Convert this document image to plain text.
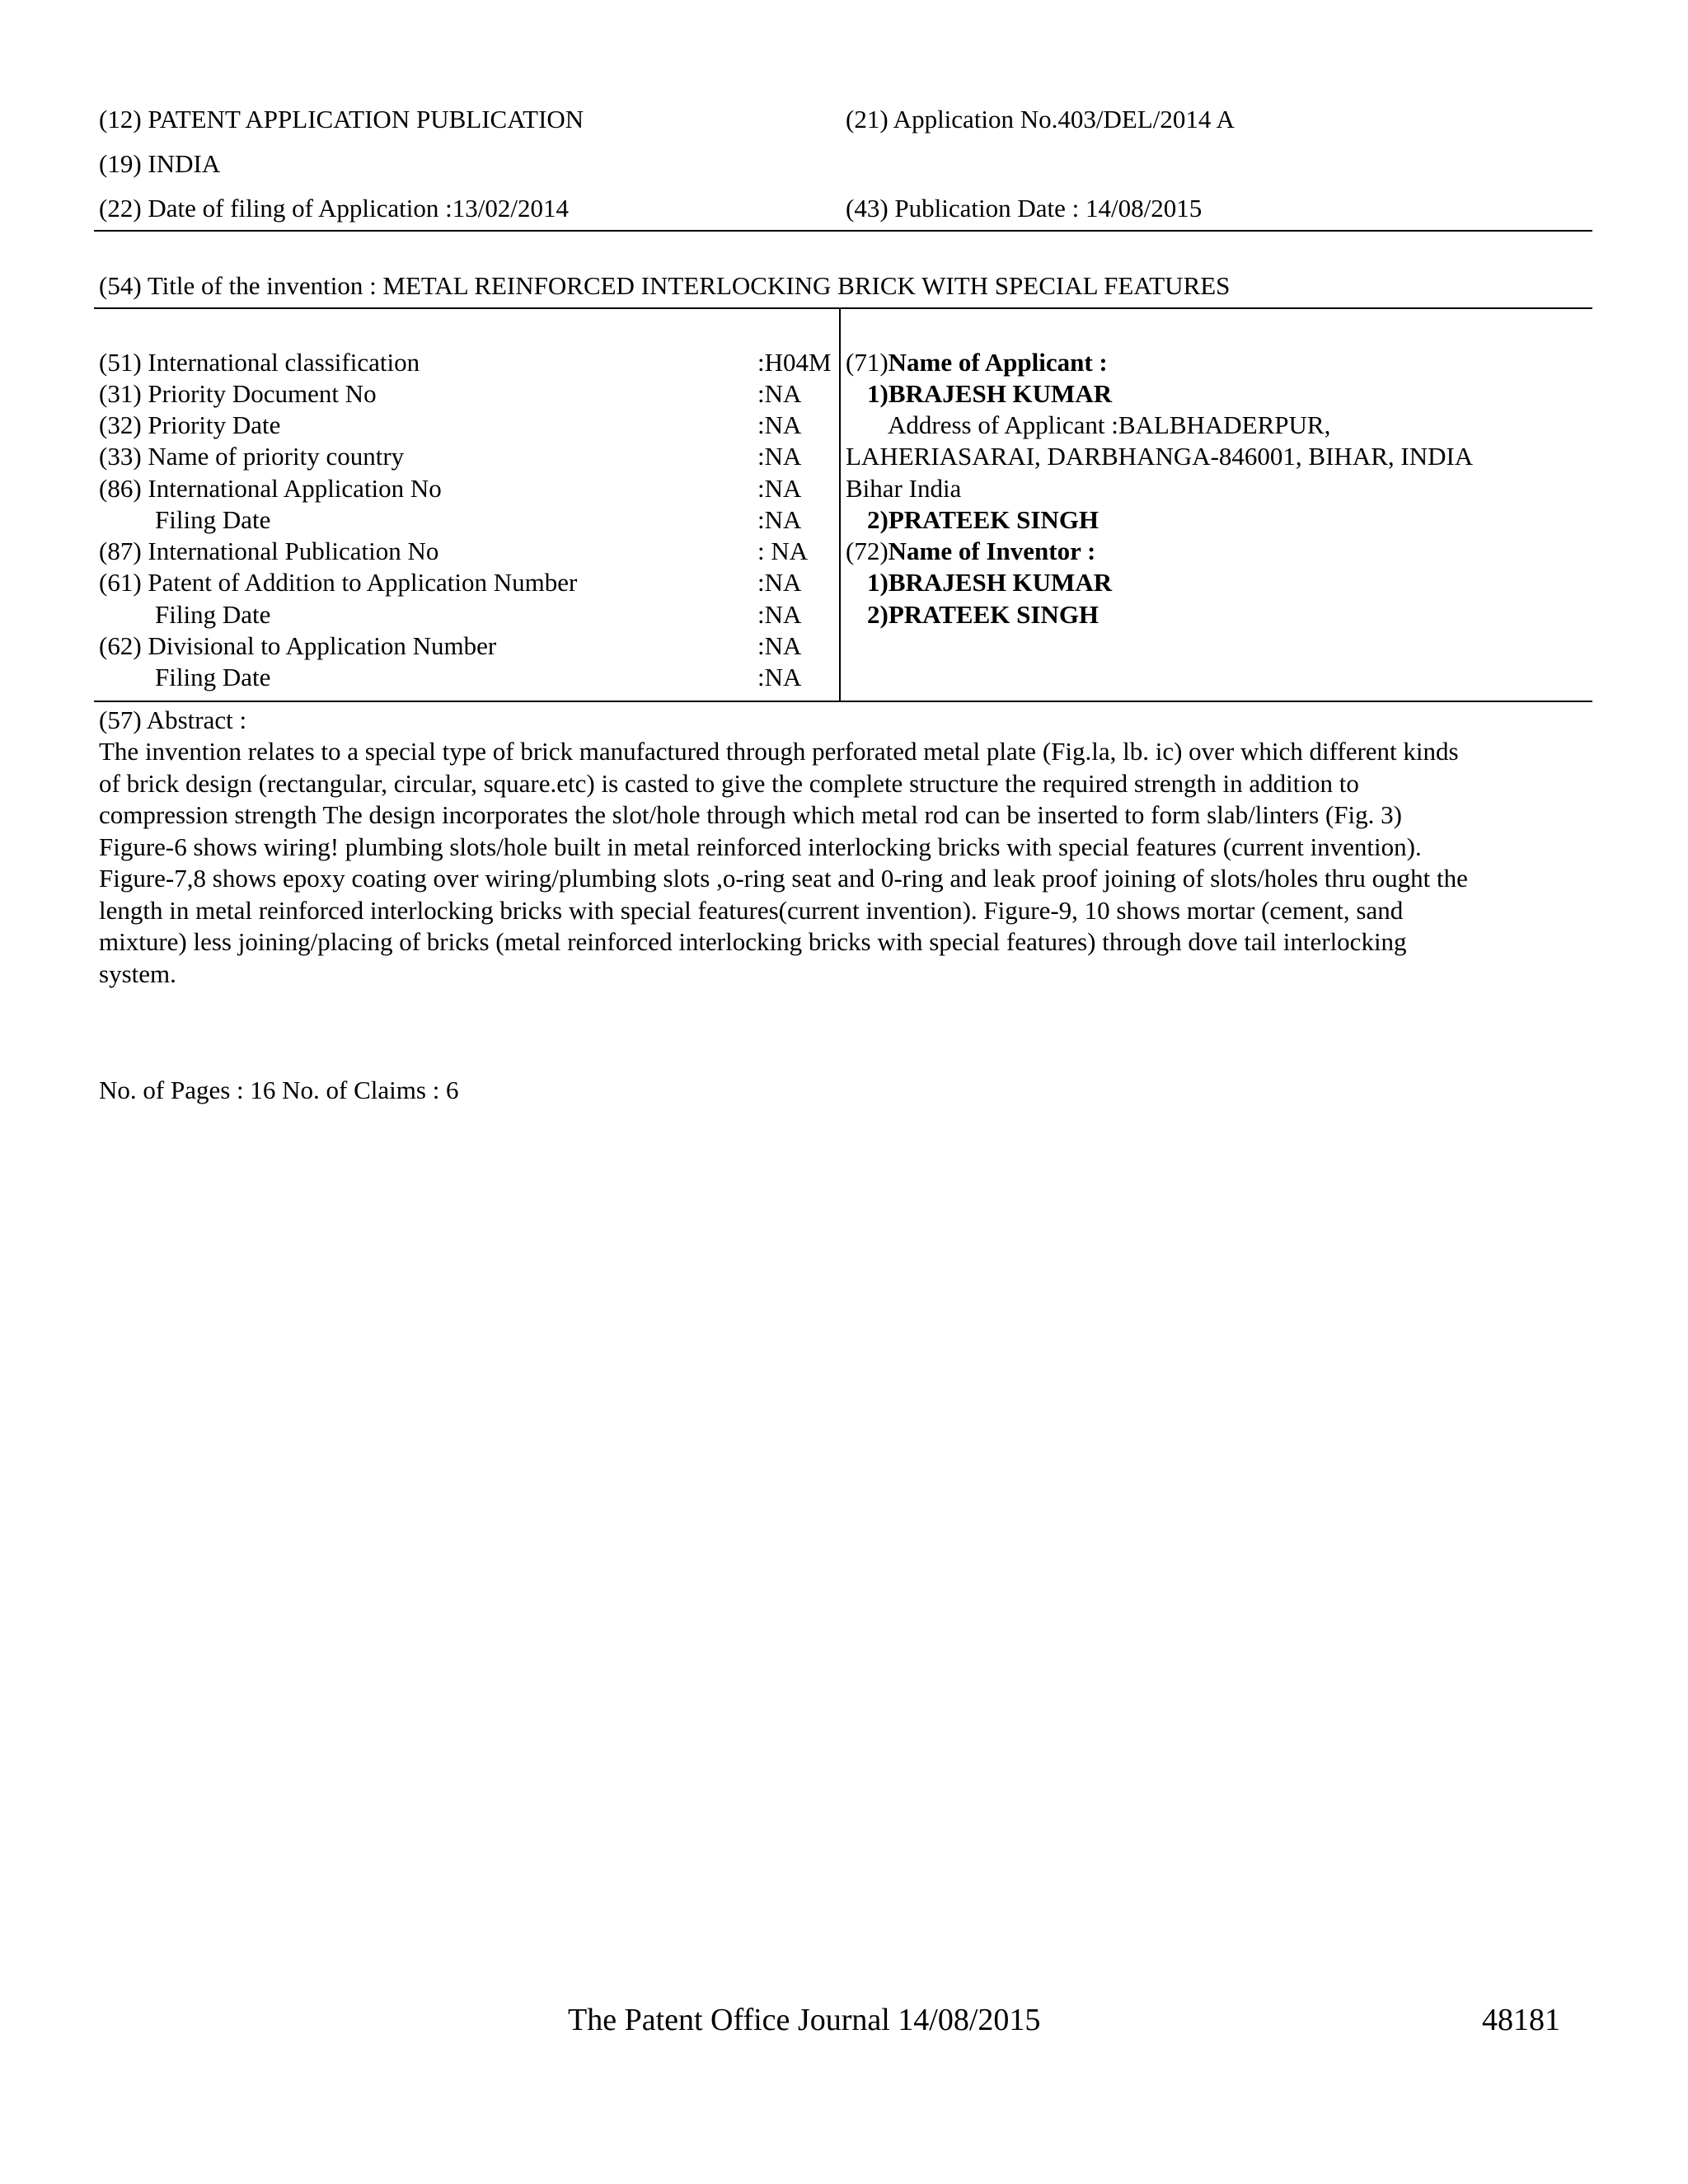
(12) PATENT APPLICATION PUBLICATION	(21) Application No.403/DEL/2014 A
(19) INDIA
(22) Date of filing of Application :13/02/2014	(43) Publication Date : 14/08/2015
(54) Title of the invention : METAL REINFORCED INTERLOCKING BRICK WITH SPECIAL FEATURES
(51) International classification	:H04M
(31) Priority Document No	:NA
(32) Priority Date	:NA
(33) Name of priority country	:NA
(86) International Application No	:NA
Filing Date	:NA
(87) International Publication No	: NA
(61) Patent of Addition to Application Number	:NA
Filing Date	:NA
(62) Divisional to Application Number	:NA
Filing Date	:NA
(71)Name of Applicant :
1)BRAJESH KUMAR
Address of Applicant :BALBHADERPUR,
LAHERIASARAI, DARBHANGA-846001, BIHAR, INDIA
Bihar India
2)PRATEEK SINGH
(72)Name of Inventor :
1)BRAJESH KUMAR
2)PRATEEK SINGH
(57) Abstract :
The invention relates to a special type of brick manufactured through perforated metal plate (Fig.la, lb. ic) over which different kinds
of brick design (rectangular, circular, square.etc) is casted to give the complete structure the required strength in addition to
compression strength The design incorporates the slot/hole through which metal rod can be inserted to form slab/linters (Fig. 3)
Figure-6 shows wiring! plumbing slots/hole built in metal reinforced interlocking bricks with special features (current invention).
Figure-7,8 shows epoxy coating over wiring/plumbing slots ,o-ring seat and 0-ring and leak proof joining of slots/holes thru ought the
length in metal reinforced interlocking bricks with special features(current invention). Figure-9, 10 shows mortar (cement, sand
mixture) less joining/placing of bricks (metal reinforced interlocking bricks with special features) through dove tail interlocking
system.
No. of Pages : 16 No. of Claims : 6
The Patent Office Journal 14/08/2015	48181
